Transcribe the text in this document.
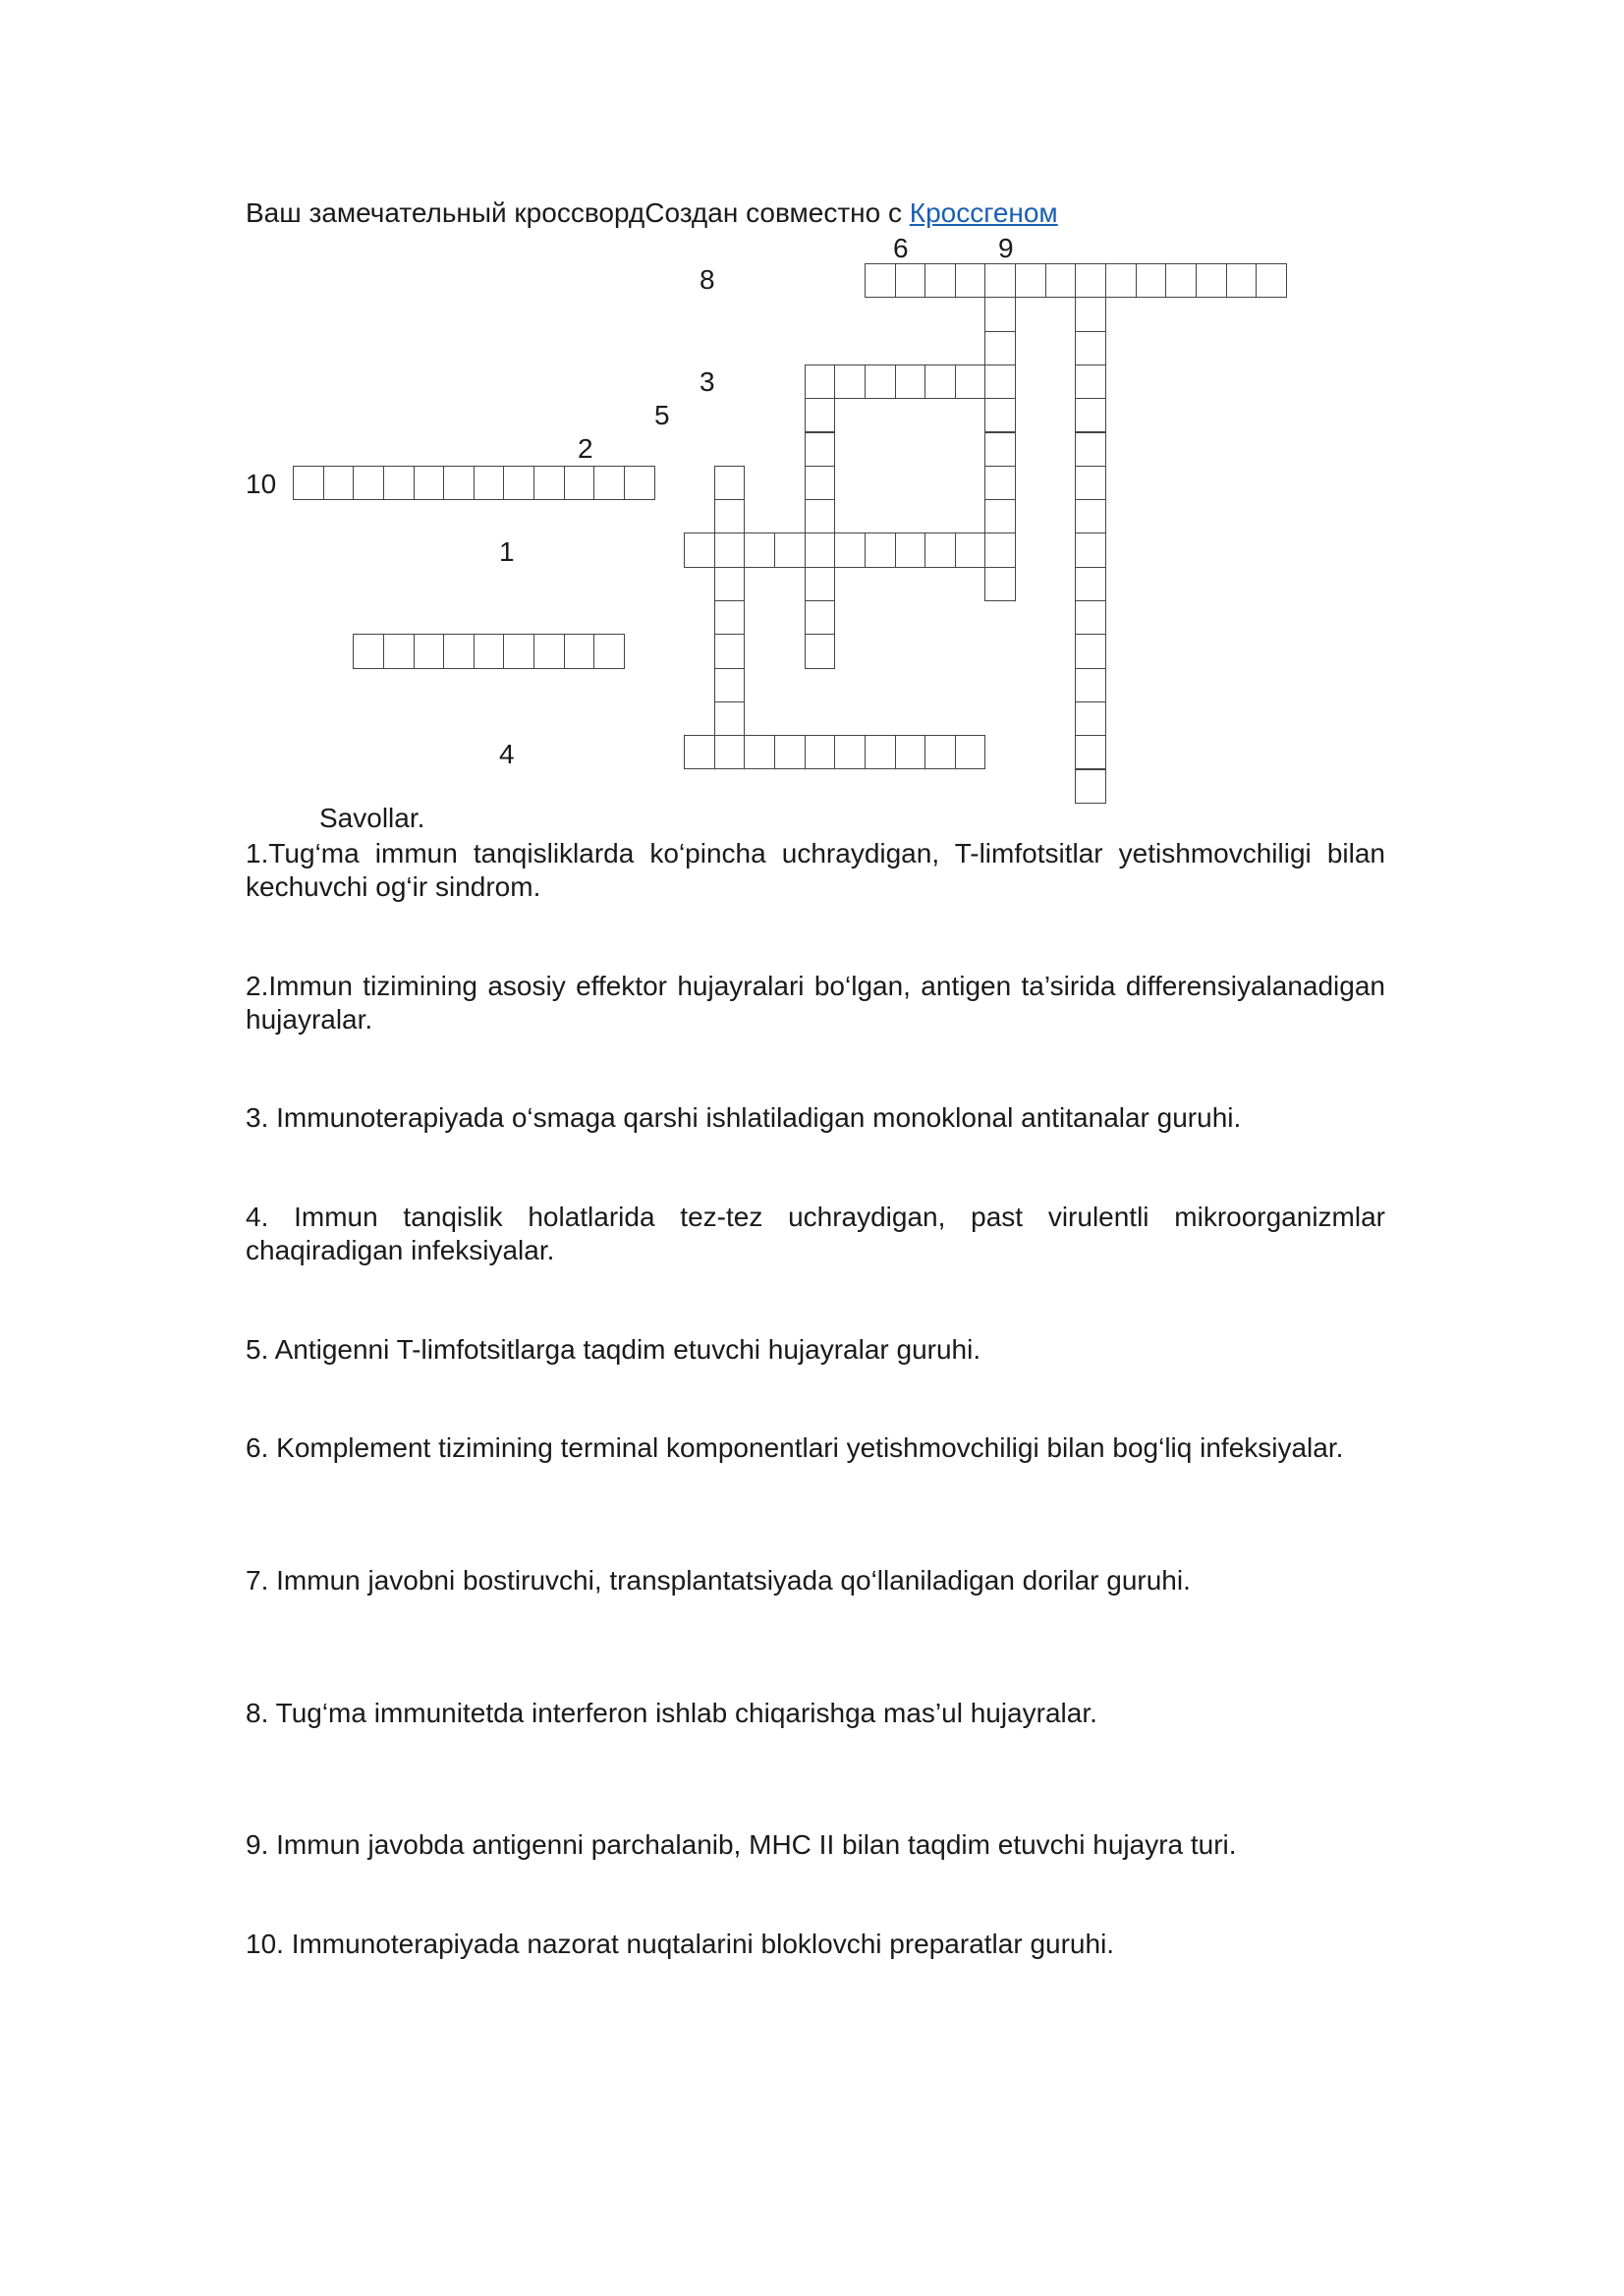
Ваш замечательный кроссвордСоздан совместно с Кроссгеном
1
2
3
4
5
6	9
8
10
Savollar.
1.Tug‘ma immun tanqisliklarda ko‘pincha uchraydigan, T-limfotsitlar yetishmovchiligi bilan kechuvchi og‘ir sindrom.
2.Immun tizimining asosiy effektor hujayralari bo‘lgan, antigen ta’sirida differensiyalanadigan hujayralar.
3. Immunoterapiyada o‘smaga qarshi ishlatiladigan monoklonal antitanalar guruhi.
4. Immun tanqislik holatlarida tez-tez uchraydigan, past virulentli mikroorganizmlar chaqiradigan infeksiyalar.
5. Antigenni T-limfotsitlarga taqdim etuvchi hujayralar guruhi.
6. Komplement tizimining terminal komponentlari yetishmovchiligi bilan bog‘liq infeksiyalar.
7. Immun javobni bostiruvchi, transplantatsiyada qo‘llaniladigan dorilar guruhi.
8. Tug‘ma immunitetda interferon ishlab chiqarishga mas’ul hujayralar.
9. Immun javobda antigenni parchalanib, MHC II bilan taqdim etuvchi hujayra turi.
10. Immunoterapiyada nazorat nuqtalarini bloklovchi preparatlar guruhi.
